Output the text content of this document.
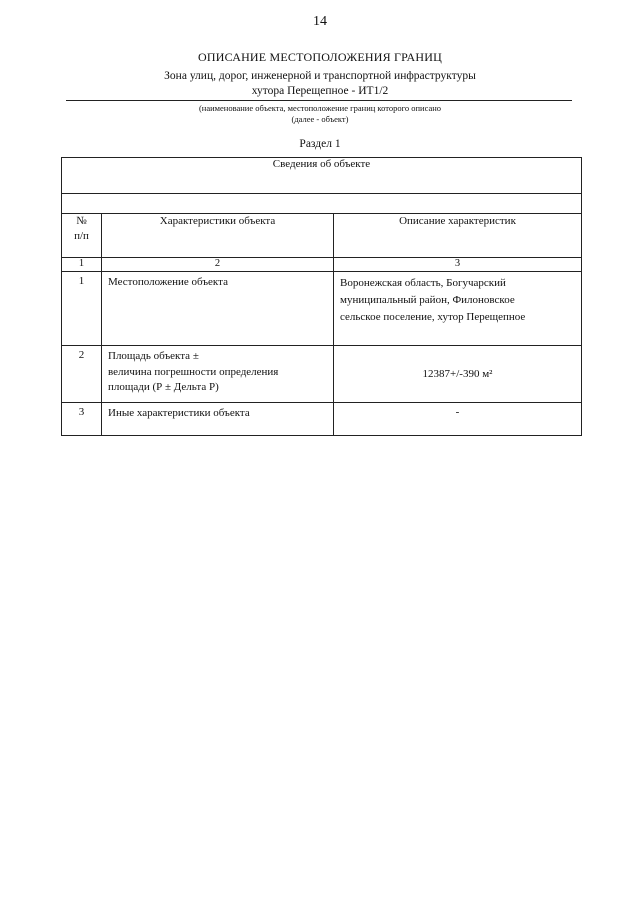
14
ОПИСАНИЕ МЕСТОПОЛОЖЕНИЯ ГРАНИЦ
Зона улиц, дорог, инженерной и транспортной инфраструктуры
хутора Перещепное - ИТ1/2
(наименование объекта, местоположение границ которого описано
(далее - объект)
Раздел 1
Сведения об объекте		

№
п/п	Характеристики объекта	Описание характеристик
1	2	3
1	Местоположение объекта	Воронежская область, Богучарский
муниципальный район, Филоновское
сельское поселение, хутор Перещепное
2	Площадь объекта ±
величина погрешности определения
площади (Р ± Дельта Р)	12387+/-390 м²
3	Иные характеристики объекта	-
